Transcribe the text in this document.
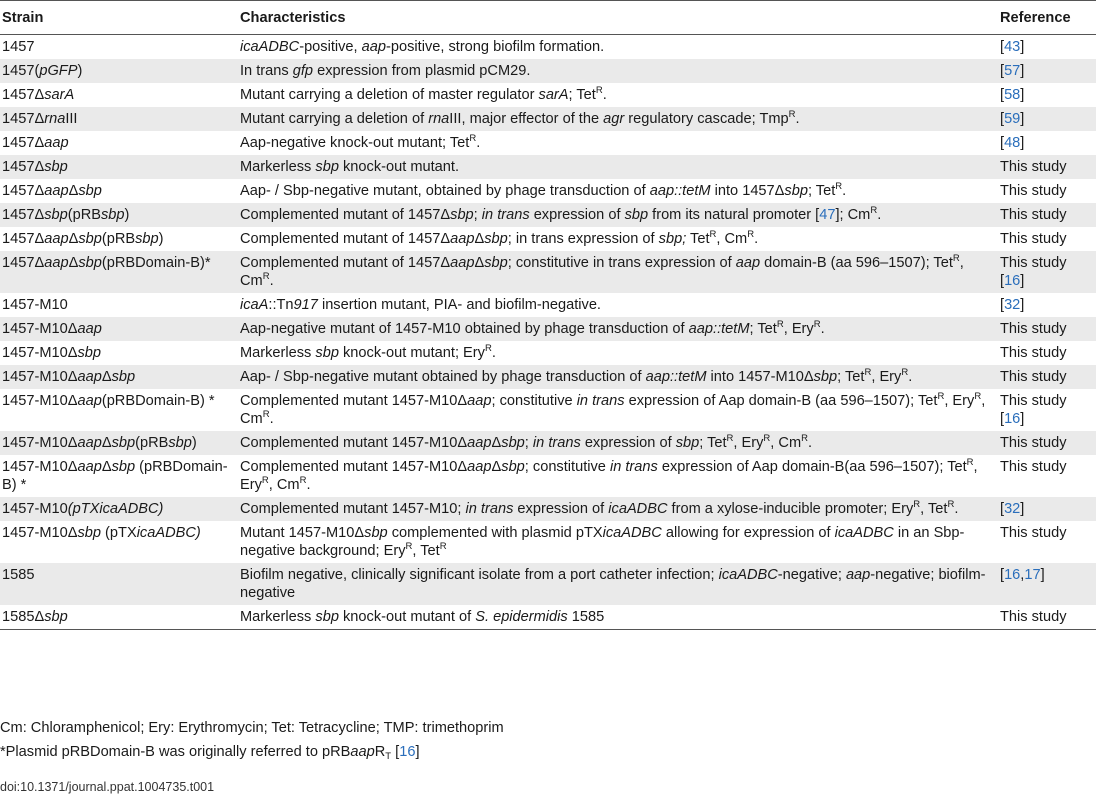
Strain	Characteristics	Reference
1457	icaADBC-positive, aap-positive, strong biofilm formation.	[43]
1457(pGFP)	In trans gfp expression from plasmid pCM29.	[57]
1457ΔsarA	Mutant carrying a deletion of master regulator sarA; Tet$^R$.	[58]
1457ΔrnaIII	Mutant carrying a deletion of rnaIII, major effector of the agr regulatory cascade; Tmp$^R$.	[59]
1457Δaap	Aap-negative knock-out mutant; Tet$^R$.	[48]
1457Δsbp	Markerless sbp knock-out mutant.	This study
1457ΔaapΔsbp	Aap- / Sbp-negative mutant, obtained by phage transduction of aap::tetM into 1457Δsbp; Tet$^R$.	This study
1457Δsbp(pRBsbp)	Complemented mutant of 1457Δsbp; in trans expression of sbp from its natural promoter [47]; $Cm^R$.	This study
1457ΔaapΔsbp(pRBsbp)	Complemented mutant of 1457ΔaapΔsbp; in trans expression of sbp; Tet$^R$, $Cm^R$.	This study
1457ΔaapΔsbp(pRBDomain-B)*	Complemented mutant of 1457ΔaapΔsbp; constitutive in trans expression of aap domain-B (aa 596–1507); Tet$^R$, $Cm^R$.	This study [16]
1457-M10	icaA::Tn917 insertion mutant, PIA- and biofilm-negative.	[32]
1457-M10Δaap	Aap-negative mutant of 1457-M10 obtained by phage transduction of aap::tetM; Tet$^R$, Ery$^R$.	This study
1457-M10Δsbp	Markerless sbp knock-out mutant; Ery$^R$.	This study
1457-M10ΔaapΔsbp	Aap- / Sbp-negative mutant obtained by phage transduction of aap::tetM into 1457-M10Δsbp; Tet$^R$, Ery$^R$.	This study
1457-M10Δaap(pRBDomain-B) *	Complemented mutant 1457-M10Δaap; constitutive in trans expression of Aap domain-B (aa 596–1507); Tet$^R$, Ery$^R$, $Cm^R$.	This study [16]
1457-M10ΔaapΔsbp(pRBsbp)	Complemented mutant 1457-M10ΔaapΔsbp; in trans expression of sbp; Tet$^R$, Ery$^R$, $Cm^R$.	This study
1457-M10ΔaapΔsbp (pRBDomain-B) *	Complemented mutant 1457-M10ΔaapΔsbp; constitutive in trans expression of Aap domain-B(aa 596–1507); Tet$^R$, Ery$^R$, $Cm^R$.	This study
1457-M10(pTXicaADBC)	Complemented mutant 1457-M10; in trans expression of icaADBC from a xylose-inducible promoter; Ery$^R$, Tet$^R$.	[32]
1457-M10Δsbp (pTXicaADBC)	Mutant 1457-M10Δsbp complemented with plasmid pTXicaADBC allowing for expression of icaADBC in an Sbp-negative background; Ery$^R$, Tet$^R$	This study
1585	Biofilm negative, clinically significant isolate from a port catheter infection; icaADBC-negative; aap-negative; biofilm-negative	[16,17]
1585Δsbp	Markerless sbp knock-out mutant of S. epidermidis 1585	This study

Cm: Chloramphenicol; Ery: Erythromycin; Tet: Tetracycline; TMP: trimethoprim

*Plasmid pRBDomain-B was originally referred to pRBaapR$_T$ [16]

doi:10.1371/journal.ppat.1004735.t001
